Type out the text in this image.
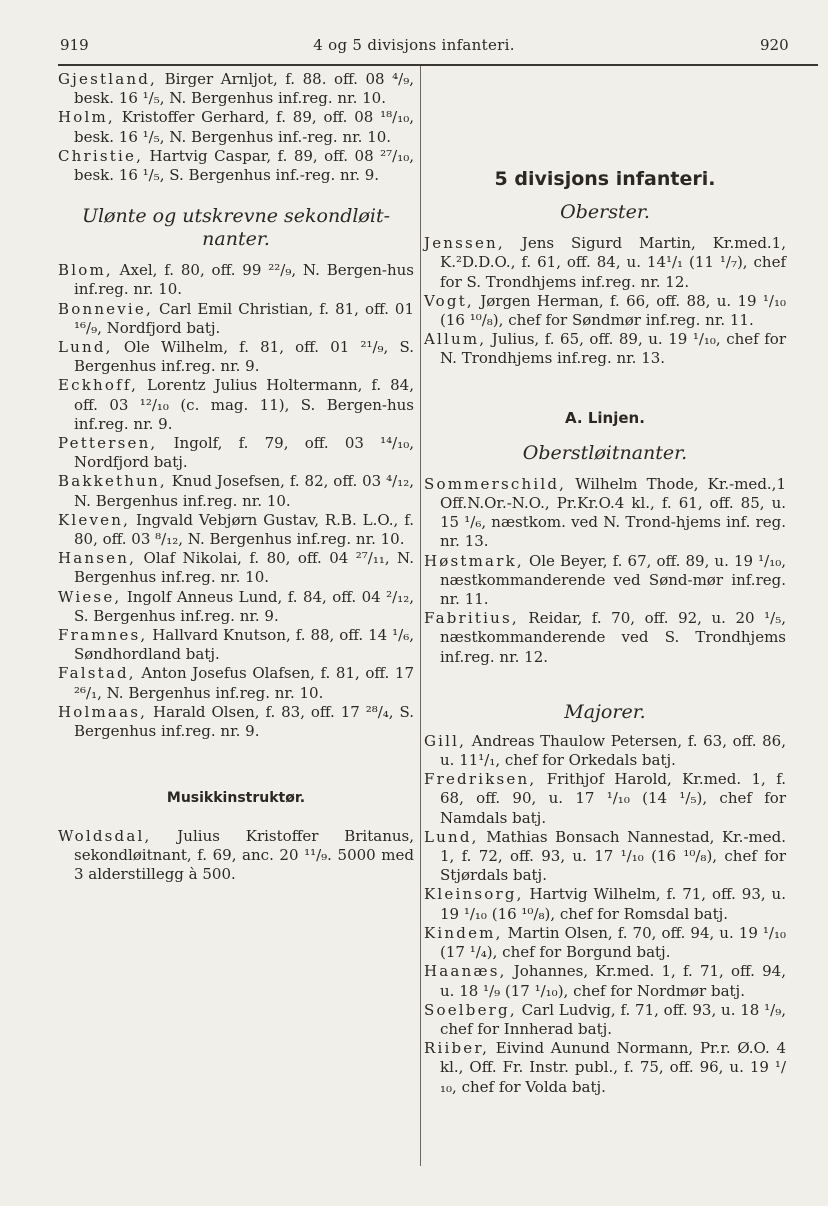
919	4 og 5 divisjons infanteri.	920

Gjestland, Birger Arnljot, f. 88. off. 08 ⁴/₉, besk. 16 ¹/₅, N. Bergenhus inf.reg. nr. 10.

Holm, Kristoffer Gerhard, f. 89, off. 08 ¹⁸/₁₀, besk. 16 ¹/₅, N. Bergenhus inf.-reg. nr. 10.

Christie, Hartvig Caspar, f. 89, off. 08 ²⁷/₁₀, besk. 16 ¹/₅, S. Bergenhus inf.-reg. nr. 9.

Ulønte og utskrevne sekondløit-nanter.

Blom, Axel, f. 80, off. 99 ²²/₉, N. Bergen-hus inf.reg. nr. 10.

Bonnevie, Carl Emil Christian, f. 81, off. 01 ¹⁶/₉, Nordfjord batj.

Lund, Ole Wilhelm, f. 81, off. 01 ²¹/₉, S. Bergenhus inf.reg. nr. 9.

Eckhoff, Lorentz Julius Holtermann, f. 84, off. 03 ¹²/₁₀ (c. mag. 11), S. Bergen-hus inf.reg. nr. 9.

Pettersen, Ingolf, f. 79, off. 03 ¹⁴/₁₀, Nordfjord batj.

Bakkethun, Knud Josefsen, f. 82, off. 03 ⁴/₁₂, N. Bergenhus inf.reg. nr. 10.

Kleven, Ingvald Vebjørn Gustav, R.B. L.O., f. 80, off. 03 ⁸/₁₂, N. Bergenhus inf.reg. nr. 10.

Hansen, Olaf Nikolai, f. 80, off. 04 ²⁷/₁₁, N. Bergenhus inf.reg. nr. 10.

Wiese, Ingolf Anneus Lund, f. 84, off. 04 ²/₁₂, S. Bergenhus inf.reg. nr. 9.

Framnes, Hallvard Knutson, f. 88, off. 14 ¹/₆, Søndhordland batj.

Falstad, Anton Josefus Olafsen, f. 81, off. 17 ²⁶/₁, N. Bergenhus inf.reg. nr. 10.

Holmaas, Harald Olsen, f. 83, off. 17 ²⁸/₄, S. Bergenhus inf.reg. nr. 9.

Musikkinstruktør.

Woldsdal, Julius Kristoffer Britanus, sekondløitnant, f. 69, anc. 20 ¹¹/₉. 5000 med 3 alderstillegg à 500.

5 divisjons infanteri.

Oberster.

Jenssen, Jens Sigurd Martin, Kr.med.1, K.²D.D.O., f. 61, off. 84, u. 14¹/₁ (11 ¹/₇), chef for S. Trondhjems inf.reg. nr. 12.

Vogt, Jørgen Herman, f. 66, off. 88, u. 19 ¹/₁₀ (16 ¹⁰/₈), chef for Søndmør inf.reg. nr. 11.

Allum, Julius, f. 65, off. 89, u. 19 ¹/₁₀, chef for N. Trondhjems inf.reg. nr. 13.

A. Linjen.

Oberstløitnanter.

Sommerschild, Wilhelm Thode, Kr.-med.,1 Off.N.Or.-N.O., Pr.Kr.O.4 kl., f. 61, off. 85, u. 15 ¹/₆, næstkom. ved N. Trond-hjems inf. reg. nr. 13.

Høstmark, Ole Beyer, f. 67, off. 89, u. 19 ¹/₁₀, næstkommanderende ved Sønd-mør inf.reg. nr. 11.

Fabritius, Reidar, f. 70, off. 92, u. 20 ¹/₅, næstkommanderende ved S. Trondhjems inf.reg. nr. 12.

Majorer.

Gill, Andreas Thaulow Petersen, f. 63, off. 86, u. 11¹/₁, chef for Orkedals batj.

Fredriksen, Frithjof Harold, Kr.med. 1, f. 68, off. 90, u. 17 ¹/₁₀ (14 ¹/₅), chef for Namdals batj.

Lund, Mathias Bonsach Nannestad, Kr.-med. 1, f. 72, off. 93, u. 17 ¹/₁₀ (16 ¹⁰/₈), chef for Stjørdals batj.

Kleinsorg, Hartvig Wilhelm, f. 71, off. 93, u. 19 ¹/₁₀ (16 ¹⁰/₈), chef for Romsdal batj.

Kindem, Martin Olsen, f. 70, off. 94, u. 19 ¹/₁₀ (17 ¹/₄), chef for Borgund batj.

Haanæs, Johannes, Kr.med. 1, f. 71, off. 94, u. 18 ¹/₉ (17 ¹/₁₀), chef for Nordmør batj.

Soelberg, Carl Ludvig, f. 71, off. 93, u. 18 ¹/₉, chef for Innherad batj.

Riiber, Eivind Aunund Normann, Pr.r. Ø.O. 4 kl., Off. Fr. Instr. publ., f. 75, off. 96, u. 19 ¹/₁₀, chef for Volda batj.
